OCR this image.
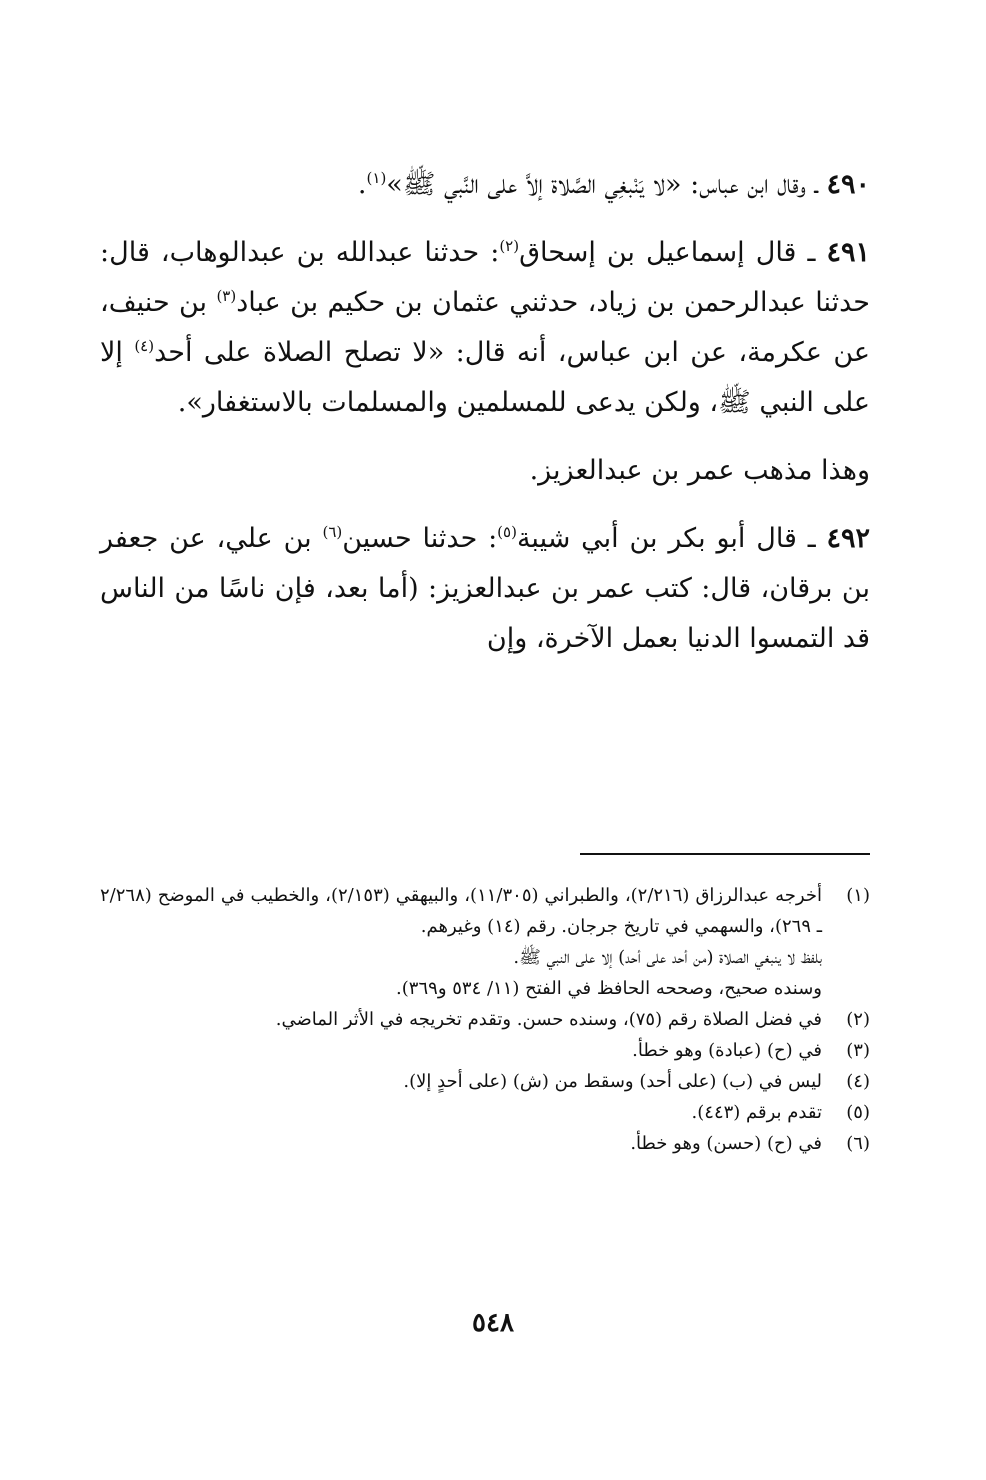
٤٩٠ ـ وقال ابن عباس: «لا يَنْبغِي الصَّلاة إلاَّ على النَّبي ﷺ»$^{(١)}$.

٤٩١ ـ قال إسماعيل بن إسحاق$^{(٢)}$: حدثنا عبدالله بن عبدالوهاب، قال: حدثنا عبدالرحمن بن زياد، حدثني عثمان بن حكيم بن عباد$^{(٣)}$ بن حنيف، عن عكرمة، عن ابن عباس، أنه قال: «لا تصلح الصلاة على أحد$^{(٤)}$ إلا على النبي ﷺ، ولكن يدعى للمسلمين والمسلمات بالاستغفار».

وهذا مذهب عمر بن عبدالعزيز.

٤٩٢ ـ قال أبو بكر بن أبي شيبة$^{(٥)}$: حدثنا حسين$^{(٦)}$ بن علي، عن جعفر بن برقان، قال: كتب عمر بن عبدالعزيز: (أما بعد، فإن ناسًا من الناس قد التمسوا الدنيا بعمل الآخرة، وإن

(١)
أخرجه عبدالرزاق (٢/٢١٦)، والطبراني (١١/٣٠٥)، والبيهقي (٢/١٥٣)، والخطيب في الموضح (٢/٢٦٨ ـ ٢٦٩)، والسهمي في تاريخ جرجان. رقم (١٤) وغيرهم.
بلفظ لا ينبغي الصلاة (من أحد على أحد) إلا على النبي ﷺ.
وسنده صحيح، وصححه الحافظ في الفتح (١١/ ٥٣٤ و٣٦٩).
(٢)
في فضل الصلاة رقم (٧٥)، وسنده حسن. وتقدم تخريجه في الأثر الماضي.
(٣)
في (ح) (عبادة) وهو خطأ.
(٤)
ليس في (ب) (على أحد) وسقط من (ش) (على أحدٍ إلا).
(٥)
تقدم برقم (٤٤٣).
(٦)
في (ح) (حسن) وهو خطأ.
٥٤٨
